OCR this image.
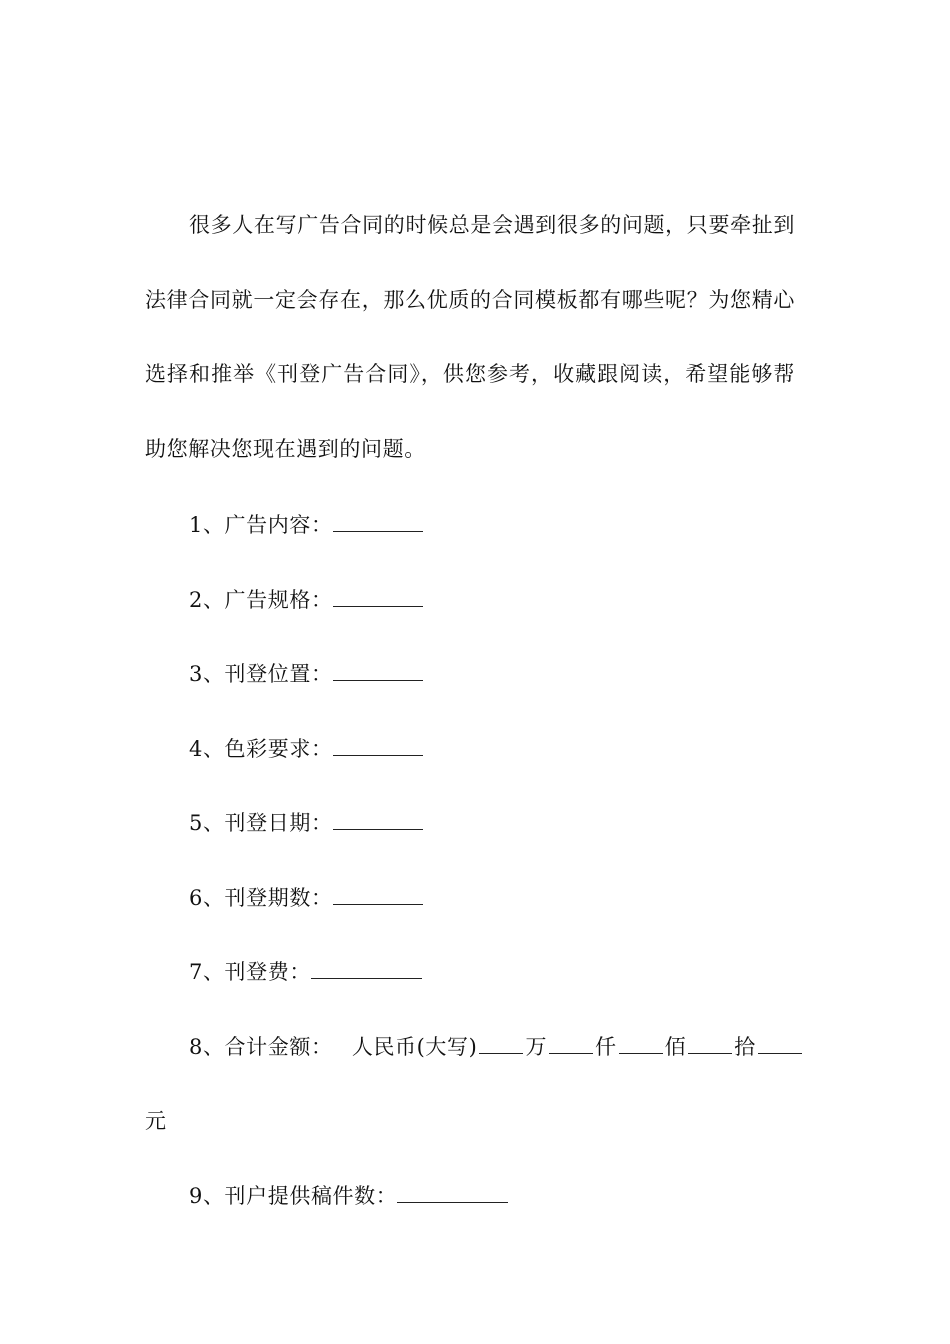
很多人在写广告合同的时候总是会遇到很多的问题，只要牵扯到法律合同就一定会存在，那么优质的合同模板都有哪些呢？为您精心选择和推举《刊登广告合同》，供您参考，收藏跟阅读，希望能够帮助您解决您现在遇到的问题。

1、广告内容：
2、广告规格：
3、刊登位置：
4、色彩要求：
5、刊登日期：
6、刊登期数：
7、刊登费：
8、合计金额： 人民币(大写) 万 仟 佰 拾
元
9、刊户提供稿件数：
